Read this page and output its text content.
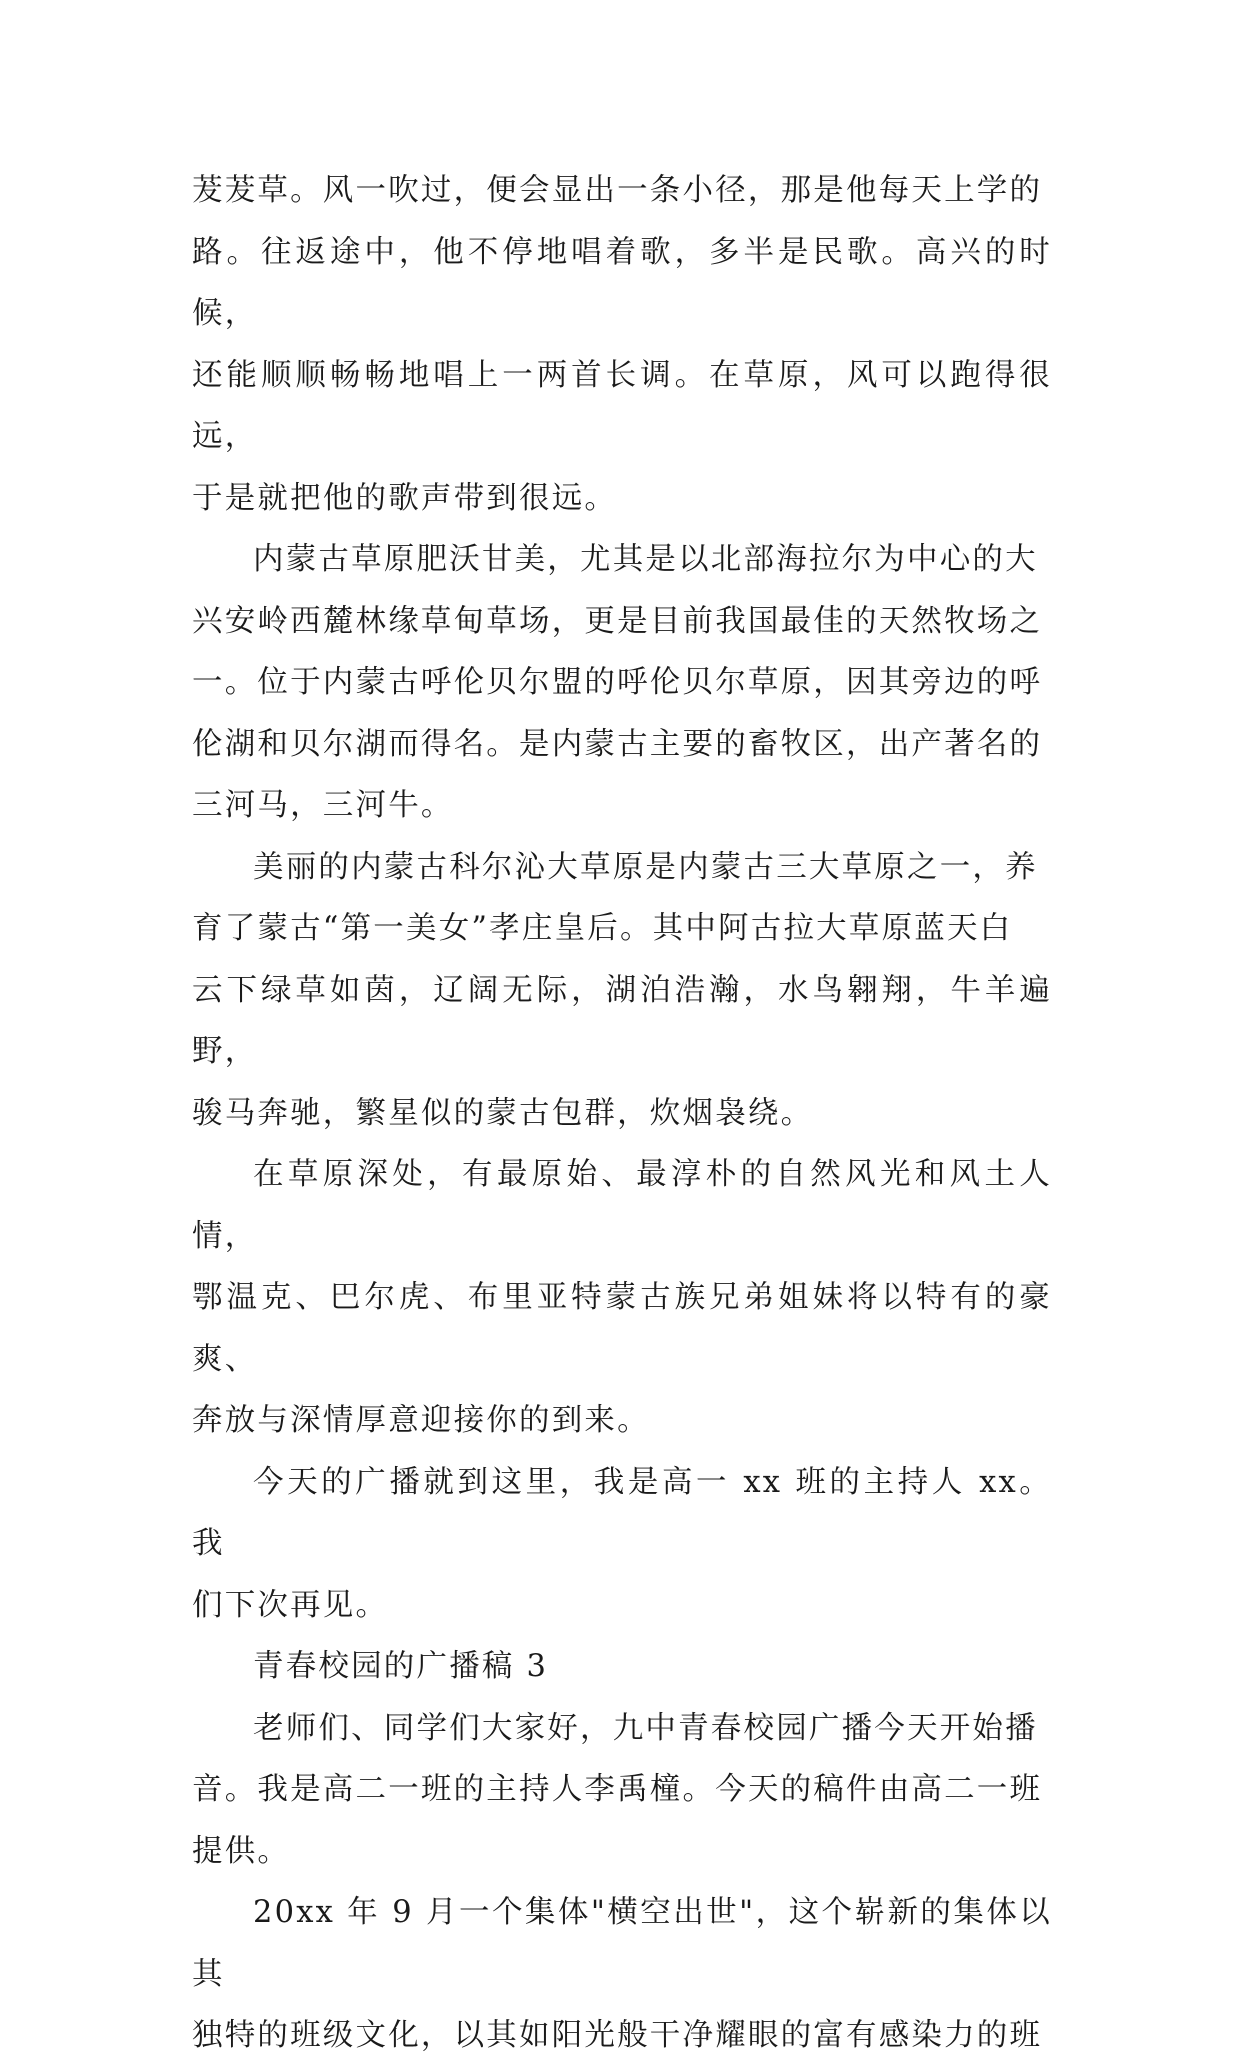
茇茇草。风一吹过，便会显出一条小径，那是他每天上学的
路。往返途中，他不停地唱着歌，多半是民歌。高兴的时候，
还能顺顺畅畅地唱上一两首长调。在草原，风可以跑得很远，
于是就把他的歌声带到很远。

内蒙古草原肥沃甘美，尤其是以北部海拉尔为中心的大
兴安岭西麓林缘草甸草场，更是目前我国最佳的天然牧场之
一。位于内蒙古呼伦贝尔盟的呼伦贝尔草原，因其旁边的呼
伦湖和贝尔湖而得名。是内蒙古主要的畜牧区，出产著名的
三河马，三河牛。

美丽的内蒙古科尔沁大草原是内蒙古三大草原之一，养
育了蒙古“第一美女”孝庄皇后。其中阿古拉大草原蓝天白
云下绿草如茵，辽阔无际，湖泊浩瀚，水鸟翱翔，牛羊遍野，
骏马奔驰，繁星似的蒙古包群，炊烟袅绕。

在草原深处，有最原始、最淳朴的自然风光和风土人情，
鄂温克、巴尔虎、布里亚特蒙古族兄弟姐妹将以特有的豪爽、
奔放与深情厚意迎接你的到来。

今天的广播就到这里，我是高一 xx 班的主持人 xx。我
们下次再见。

青春校园的广播稿 3

老师们、同学们大家好，九中青春校园广播今天开始播
音。我是高二一班的主持人李禹橦。今天的稿件由高二一班
提供。

20xx 年 9 月一个集体"横空出世"，这个崭新的集体以其
独特的班级文化，以其如阳光般干净耀眼的富有感染力的班
